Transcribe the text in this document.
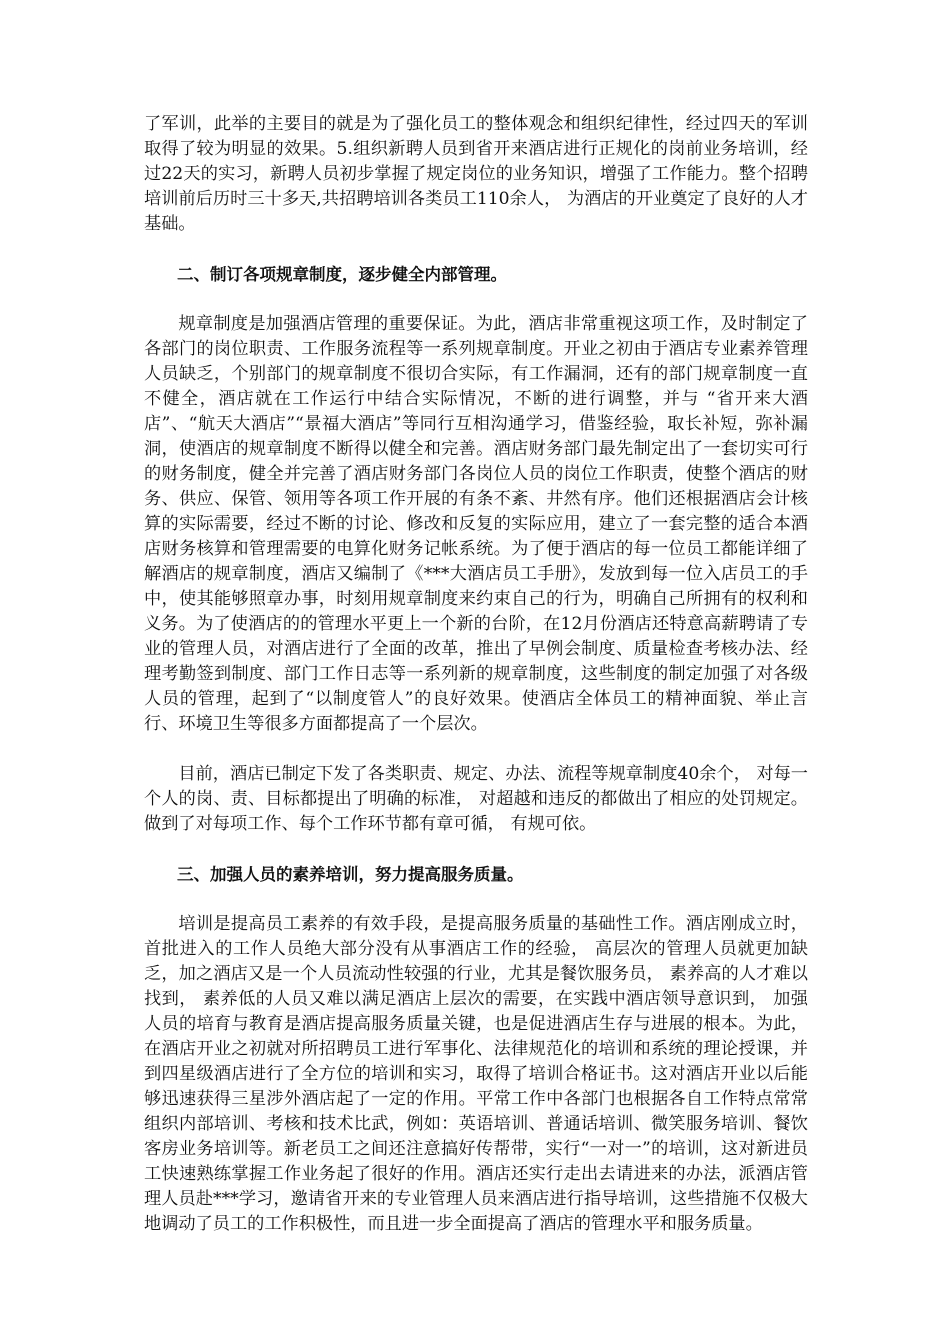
了军训，此举的主要目的就是为了强化员工的整体观念和组织纪律性，经过四天的军训取得了较为明显的效果。5.组织新聘人员到省开来酒店进行正规化的岗前业务培训，经过22天的实习，新聘人员初步掌握了规定岗位的业务知识，增强了工作能力。整个招聘培训前后历时三十多天,共招聘培训各类员工110余人， 为酒店的开业奠定了良好的人才基础。

二、制订各项规章制度，逐步健全内部管理。

规章制度是加强酒店管理的重要保证。为此，酒店非常重视这项工作，及时制定了各部门的岗位职责、工作服务流程等一系列规章制度。开业之初由于酒店专业素养管理人员缺乏，个别部门的规章制度不很切合实际，有工作漏洞，还有的部门规章制度一直不健全，酒店就在工作运行中结合实际情况，不断的进行调整，并与 “省开来大酒店”、“航天大酒店”“景福大酒店”等同行互相沟通学习，借鉴经验，取长补短，弥补漏洞，使酒店的规章制度不断得以健全和完善。酒店财务部门最先制定出了一套切实可行的财务制度，健全并完善了酒店财务部门各岗位人员的岗位工作职责，使整个酒店的财务、供应、保管、领用等各项工作开展的有条不紊、井然有序。他们还根据酒店会计核算的实际需要，经过不断的讨论、修改和反复的实际应用，建立了一套完整的适合本酒店财务核算和管理需要的电算化财务记帐系统。为了便于酒店的每一位员工都能详细了解酒店的规章制度，酒店又编制了《***大酒店员工手册》，发放到每一位入店员工的手中，使其能够照章办事，时刻用规章制度来约束自己的行为，明确自己所拥有的权利和义务。为了使酒店的的管理水平更上一个新的台阶，在12月份酒店还特意高薪聘请了专业的管理人员，对酒店进行了全面的改革，推出了早例会制度、质量检查考核办法、经理考勤签到制度、部门工作日志等一系列新的规章制度，这些制度的制定加强了对各级人员的管理，起到了“以制度管人”的良好效果。使酒店全体员工的精神面貌、举止言行、环境卫生等很多方面都提高了一个层次。

目前，酒店已制定下发了各类职责、规定、办法、流程等规章制度40余个， 对每一个人的岗、责、目标都提出了明确的标准， 对超越和违反的都做出了相应的处罚规定。做到了对每项工作、每个工作环节都有章可循， 有规可依。

三、加强人员的素养培训，努力提高服务质量。

培训是提高员工素养的有效手段，是提高服务质量的基础性工作。酒店刚成立时， 首批进入的工作人员绝大部分没有从事酒店工作的经验， 高层次的管理人员就更加缺乏，加之酒店又是一个人员流动性较强的行业，尤其是餐饮服务员， 素养高的人才难以找到， 素养低的人员又难以满足酒店上层次的需要，在实践中酒店领导意识到， 加强人员的培育与教育是酒店提高服务质量关键，也是促进酒店生存与进展的根本。为此，在酒店开业之初就对所招聘员工进行军事化、法律规范化的培训和系统的理论授课，并到四星级酒店进行了全方位的培训和实习，取得了培训合格证书。这对酒店开业以后能够迅速获得三星涉外酒店起了一定的作用。平常工作中各部门也根据各自工作特点常常组织内部培训、考核和技术比武，例如：英语培训、普通话培训、微笑服务培训、餐饮客房业务培训等。新老员工之间还注意搞好传帮带，实行“一对一”的培训，这对新进员工快速熟练掌握工作业务起了很好的作用。酒店还实行走出去请进来的办法，派酒店管理人员赴***学习，邀请省开来的专业管理人员来酒店进行指导培训，这些措施不仅极大地调动了员工的工作积极性，而且进一步全面提高了酒店的管理水平和服务质量。
